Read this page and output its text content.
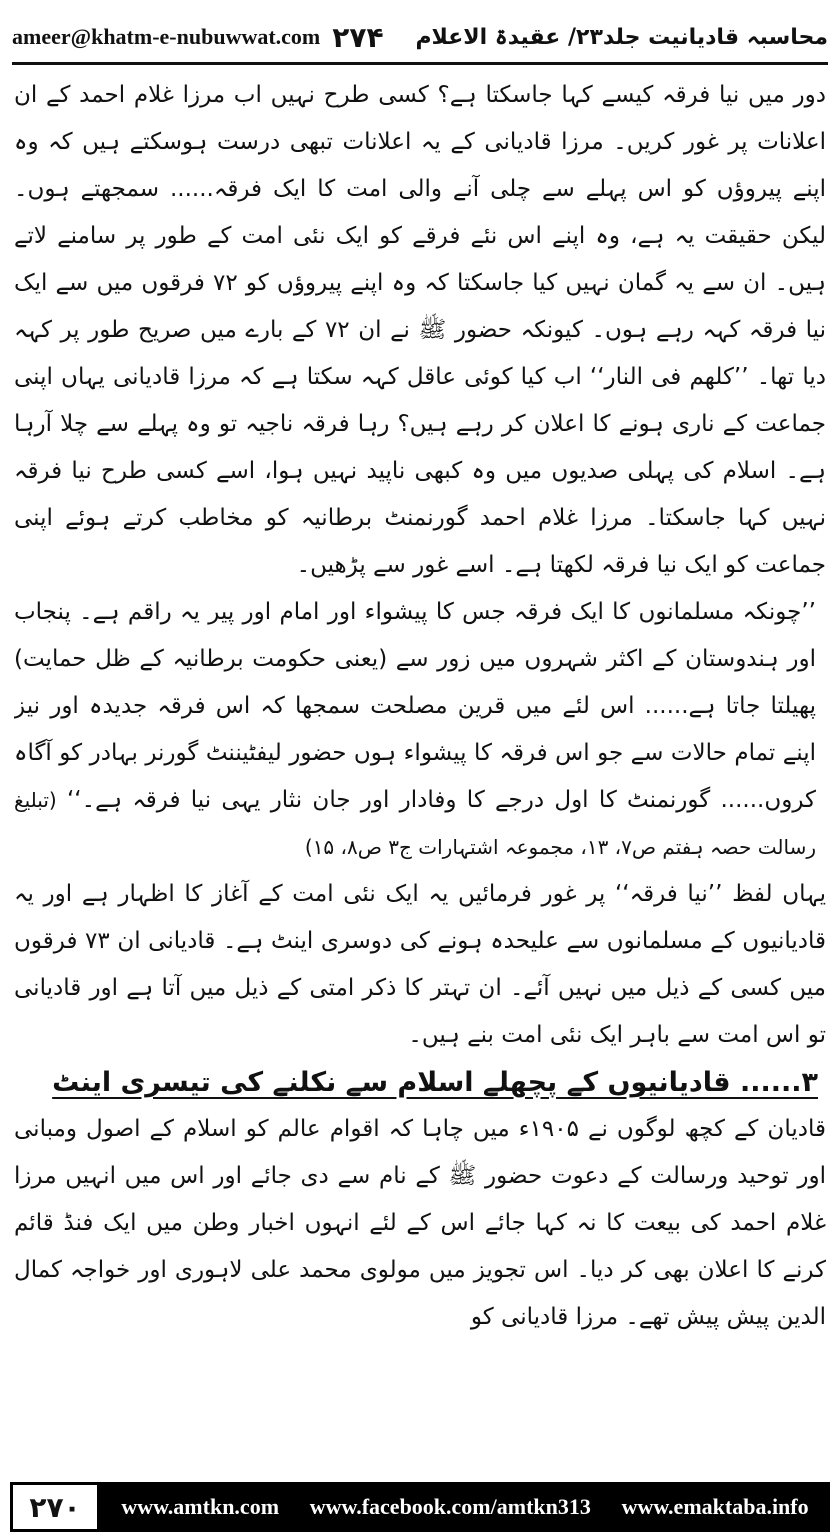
ameer@khatm-e-nubuwwat.com ۲۷۴ محاسبہ قادیانیت جلد۲۳/ عقیدۃ الاعلام

دور میں نیا فرقہ کیسے کہا جاسکتا ہے؟ کسی طرح نہیں اب مرزا غلام احمد کے ان اعلانات پر غور کریں۔ مرزا قادیانی کے یہ اعلانات تبھی درست ہوسکتے ہیں کہ وہ اپنے پیروؤں کو اس پہلے سے چلی آنے والی امت کا ایک فرقہ...... سمجھتے ہوں۔ لیکن حقیقت یہ ہے، وہ اپنے اس نئے فرقے کو ایک نئی امت کے طور پر سامنے لاتے ہیں۔ ان سے یہ گمان نہیں کیا جاسکتا کہ وہ اپنے پیروؤں کو ۷۲ فرقوں میں سے ایک نیا فرقہ کہہ رہے ہوں۔ کیونکہ حضور ﷺ نے ان ۷۲ کے بارے میں صریح طور پر کہہ دیا تھا۔ ’’کلھم فی النار‘‘ اب کیا کوئی عاقل کہہ سکتا ہے کہ مرزا قادیانی یہاں اپنی جماعت کے ناری ہونے کا اعلان کر رہے ہیں؟ رہا فرقہ ناجیہ تو وہ پہلے سے چلا آرہا ہے۔ اسلام کی پہلی صدیوں میں وہ کبھی ناپید نہیں ہوا، اسے کسی طرح نیا فرقہ نہیں کہا جاسکتا۔ مرزا غلام احمد گورنمنٹ برطانیہ کو مخاطب کرتے ہوئے اپنی جماعت کو ایک نیا فرقہ لکھتا ہے۔ اسے غور سے پڑھیں۔

’’چونکہ مسلمانوں کا ایک فرقہ جس کا پیشواء اور امام اور پیر یہ راقم ہے۔ پنجاب اور ہندوستان کے اکثر شہروں میں زور سے (یعنی حکومت برطانیہ کے ظل حمایت) پھیلتا جاتا ہے...... اس لئے میں قرین مصلحت سمجھا کہ اس فرقہ جدیدہ اور نیز اپنے تمام حالات سے جو اس فرقہ کا پیشواء ہوں حضور لیفٹیننٹ گورنر بہادر کو آگاہ کروں...... گورنمنٹ کا اول درجے کا وفادار اور جان نثار یہی نیا فرقہ ہے۔‘‘ (تبلیغ رسالت حصہ ہفتم ص۷، ۱۳، مجموعہ اشتہارات ج۳ ص۸، ۱۵)

یہاں لفظ ’’نیا فرقہ‘‘ پر غور فرمائیں یہ ایک نئی امت کے آغاز کا اظہار ہے اور یہ قادیانیوں کے مسلمانوں سے علیحدہ ہونے کی دوسری اینٹ ہے۔ قادیانی ان ۷۳ فرقوں میں کسی کے ذیل میں نہیں آئے۔ ان تہتر کا ذکر امتی کے ذیل میں آتا ہے اور قادیانی تو اس امت سے باہر ایک نئی امت بنے ہیں۔

۳...... قادیانیوں کے پچھلے اسلام سے نکلنے کی تیسری اینٹ

قادیان کے کچھ لوگوں نے ۱۹۰۵ء میں چاہا کہ اقوام عالم کو اسلام کے اصول ومبانی اور توحید ورسالت کے دعوت حضور ﷺ کے نام سے دی جائے اور اس میں انہیں مرزا غلام احمد کی بیعت کا نہ کہا جائے اس کے لئے انہوں اخبار وطن میں ایک فنڈ قائم کرنے کا اعلان بھی کر دیا۔ اس تجویز میں مولوی محمد علی لاہوری اور خواجہ کمال الدین پیش پیش تھے۔ مرزا قادیانی کو

۲۷۰	www.amtkn.com www.facebook.com/amtkn313 www.emaktaba.info
